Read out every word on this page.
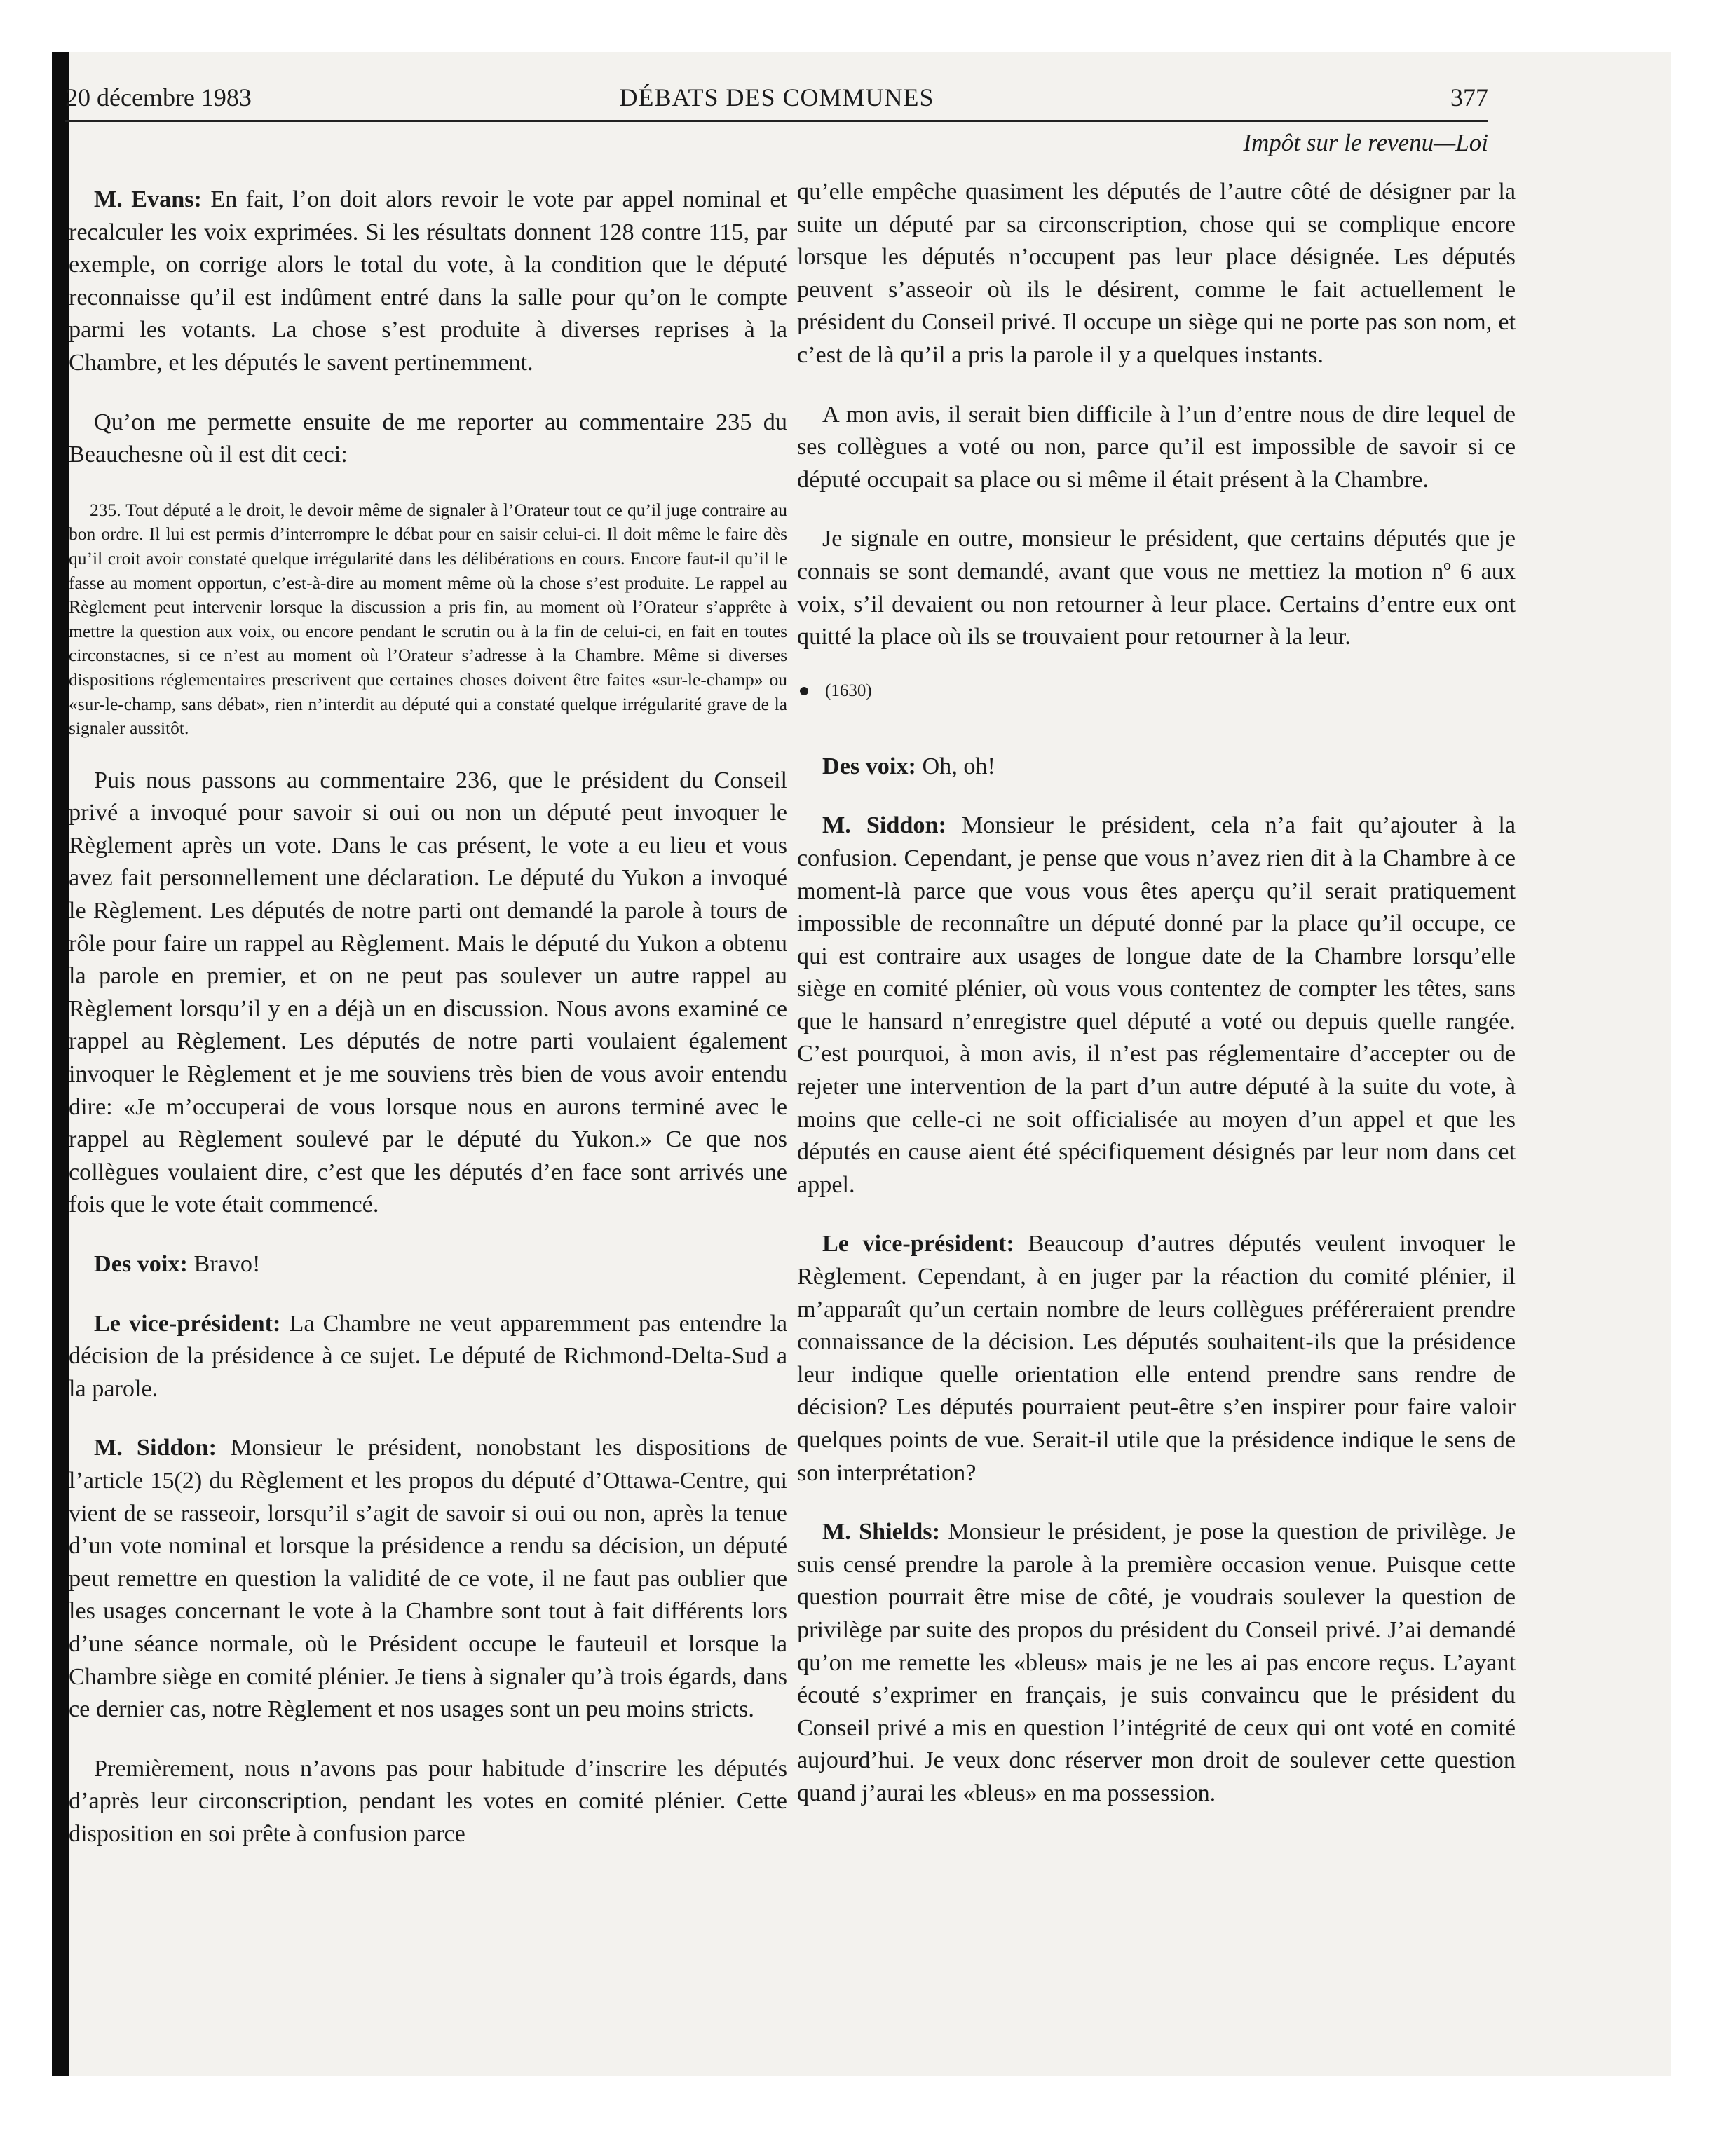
20 décembre 1983	DÉBATS DES COMMUNES	377
Impôt sur le revenu—Loi

M. Evans: En fait, l’on doit alors revoir le vote par appel nominal et recalculer les voix exprimées. Si les résultats donnent 128 contre 115, par exemple, on corrige alors le total du vote, à la condition que le député reconnaisse qu’il est indûment entré dans la salle pour qu’on le compte parmi les votants. La chose s’est produite à diverses reprises à la Chambre, et les députés le savent pertinemment.

Qu’on me permette ensuite de me reporter au commentaire 235 du Beauchesne où il est dit ceci:

235. Tout député a le droit, le devoir même de signaler à l’Orateur tout ce qu’il juge contraire au bon ordre. Il lui est permis d’interrompre le débat pour en saisir celui-ci. Il doit même le faire dès qu’il croit avoir constaté quelque irrégularité dans les délibérations en cours. Encore faut-il qu’il le fasse au moment opportun, c’est-à-dire au moment même où la chose s’est produite. Le rappel au Règlement peut intervenir lorsque la discussion a pris fin, au moment où l’Orateur s’apprête à mettre la question aux voix, ou encore pendant le scrutin ou à la fin de celui-ci, en fait en toutes circonstacnes, si ce n’est au moment où l’Orateur s’adresse à la Chambre. Même si diverses dispositions réglementaires prescrivent que certaines choses doivent être faites «sur-le-champ» ou «sur-le-champ, sans débat», rien n’interdit au député qui a constaté quelque irrégularité grave de la signaler aussitôt.

Puis nous passons au commentaire 236, que le président du Conseil privé a invoqué pour savoir si oui ou non un député peut invoquer le Règlement après un vote. Dans le cas présent, le vote a eu lieu et vous avez fait personnellement une déclaration. Le député du Yukon a invoqué le Règlement. Les députés de notre parti ont demandé la parole à tours de rôle pour faire un rappel au Règlement. Mais le député du Yukon a obtenu la parole en premier, et on ne peut pas soulever un autre rappel au Règlement lorsqu’il y en a déjà un en discussion. Nous avons examiné ce rappel au Règlement. Les députés de notre parti voulaient également invoquer le Règlement et je me souviens très bien de vous avoir entendu dire: «Je m’occuperai de vous lorsque nous en aurons terminé avec le rappel au Règlement soulevé par le député du Yukon.» Ce que nos collègues voulaient dire, c’est que les députés d’en face sont arrivés une fois que le vote était commencé.

Des voix: Bravo!

Le vice-président: La Chambre ne veut apparemment pas entendre la décision de la présidence à ce sujet. Le député de Richmond-Delta-Sud a la parole.

M. Siddon: Monsieur le président, nonobstant les dispositions de l’article 15(2) du Règlement et les propos du député d’Ottawa-Centre, qui vient de se rasseoir, lorsqu’il s’agit de savoir si oui ou non, après la tenue d’un vote nominal et lorsque la présidence a rendu sa décision, un député peut remettre en question la validité de ce vote, il ne faut pas oublier que les usages concernant le vote à la Chambre sont tout à fait différents lors d’une séance normale, où le Président occupe le fauteuil et lorsque la Chambre siège en comité plénier. Je tiens à signaler qu’à trois égards, dans ce dernier cas, notre Règlement et nos usages sont un peu moins stricts.

Premièrement, nous n’avons pas pour habitude d’inscrire les députés d’après leur circonscription, pendant les votes en comité plénier. Cette disposition en soi prête à confusion parce

qu’elle empêche quasiment les députés de l’autre côté de désigner par la suite un député par sa circonscription, chose qui se complique encore lorsque les députés n’occupent pas leur place désignée. Les députés peuvent s’asseoir où ils le désirent, comme le fait actuellement le président du Conseil privé. Il occupe un siège qui ne porte pas son nom, et c’est de là qu’il a pris la parole il y a quelques instants.

A mon avis, il serait bien difficile à l’un d’entre nous de dire lequel de ses collègues a voté ou non, parce qu’il est impossible de savoir si ce député occupait sa place ou si même il était présent à la Chambre.

Je signale en outre, monsieur le président, que certains députés que je connais se sont demandé, avant que vous ne mettiez la motion nº 6 aux voix, s’il devaient ou non retourner à leur place. Certains d’entre eux ont quitté la place où ils se trouvaient pour retourner à la leur.

(1630)

Des voix: Oh, oh!

M. Siddon: Monsieur le président, cela n’a fait qu’ajouter à la confusion. Cependant, je pense que vous n’avez rien dit à la Chambre à ce moment-là parce que vous vous êtes aperçu qu’il serait pratiquement impossible de reconnaître un député donné par la place qu’il occupe, ce qui est contraire aux usages de longue date de la Chambre lorsqu’elle siège en comité plénier, où vous vous contentez de compter les têtes, sans que le hansard n’enregistre quel député a voté ou depuis quelle rangée. C’est pourquoi, à mon avis, il n’est pas réglementaire d’accepter ou de rejeter une intervention de la part d’un autre député à la suite du vote, à moins que celle-ci ne soit officialisée au moyen d’un appel et que les députés en cause aient été spécifiquement désignés par leur nom dans cet appel.

Le vice-président: Beaucoup d’autres députés veulent invoquer le Règlement. Cependant, à en juger par la réaction du comité plénier, il m’apparaît qu’un certain nombre de leurs collègues préféreraient prendre connaissance de la décision. Les députés souhaitent-ils que la présidence leur indique quelle orientation elle entend prendre sans rendre de décision? Les députés pourraient peut-être s’en inspirer pour faire valoir quelques points de vue. Serait-il utile que la présidence indique le sens de son interprétation?

M. Shields: Monsieur le président, je pose la question de privilège. Je suis censé prendre la parole à la première occasion venue. Puisque cette question pourrait être mise de côté, je voudrais soulever la question de privilège par suite des propos du président du Conseil privé. J’ai demandé qu’on me remette les «bleus» mais je ne les ai pas encore reçus. L’ayant écouté s’exprimer en français, je suis convaincu que le président du Conseil privé a mis en question l’intégrité de ceux qui ont voté en comité aujourd’hui. Je veux donc réserver mon droit de soulever cette question quand j’aurai les «bleus» en ma possession.
